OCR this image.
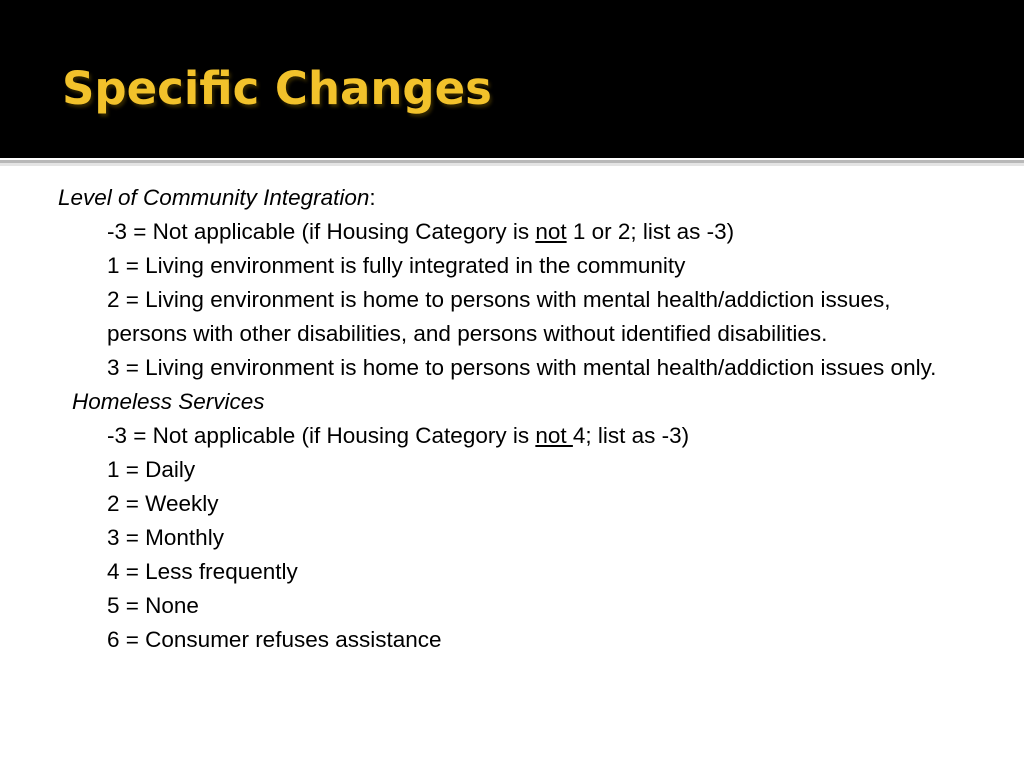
Specific Changes
Level of Community Integration:
-3 = Not applicable (if Housing Category is not 1 or 2; list as -3)
1 = Living environment is fully integrated in the community
2 = Living environment is home to persons with mental health/addiction issues, persons with other disabilities, and persons without identified disabilities.
3 = Living environment is home to persons with mental health/addiction issues only.
Homeless Services
-3 = Not applicable (if Housing Category is not 4; list as -3)
1 = Daily
2 = Weekly
3 = Monthly
4 = Less frequently
5 = None
6 = Consumer refuses assistance
